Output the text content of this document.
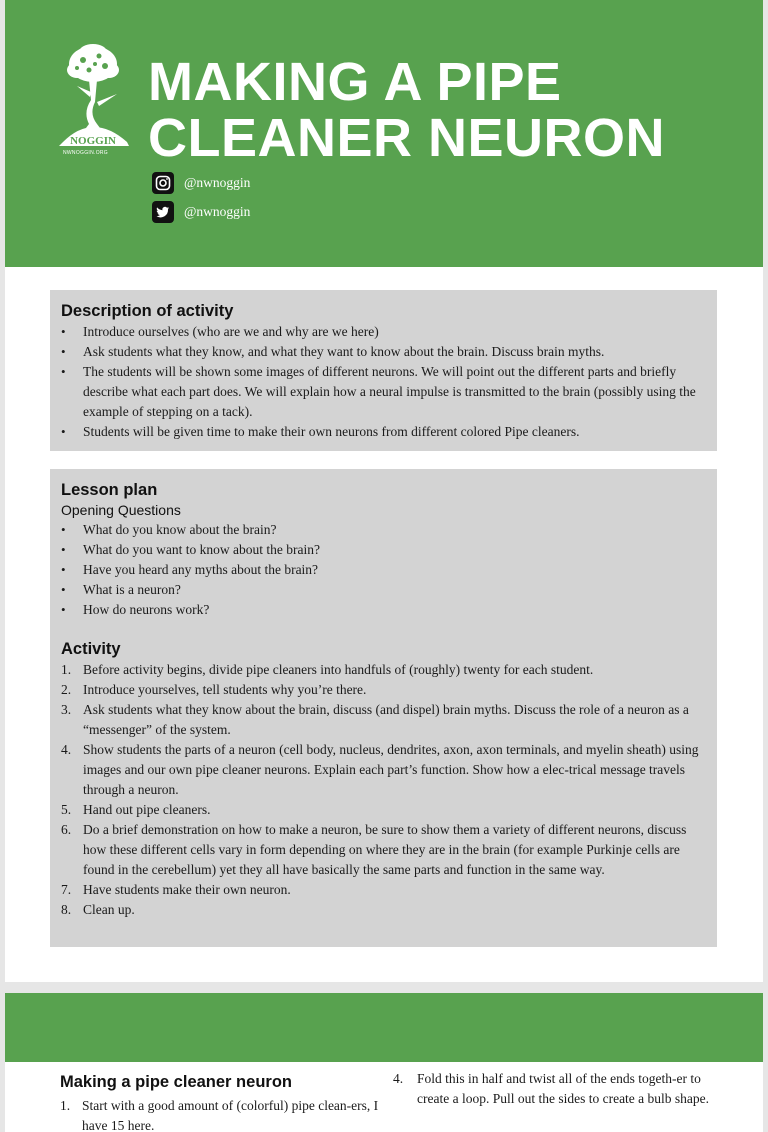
NOGGIN
NWNOGGIN.ORG
MAKING A PIPE
CLEANER NEURON
@nwnoggin
@nwnoggin
Description of activity
• Introduce ourselves (who are we and why are we here)
• Ask students what they know, and what they want to know about the brain. Discuss brain myths.
• The students will be shown some images of different neurons. We will point out the different parts and briefly describe what each part does. We will explain how a neural impulse is transmitted to the brain (possibly using the example of stepping on a tack).
• Students will be given time to make their own neurons from different colored Pipe cleaners.
Lesson plan
Opening Questions
• What do you know about the brain?
• What do you want to know about the brain?
• Have you heard any myths about the brain?
• What is a neuron?
• How do neurons work?
Activity
1. Before activity begins, divide pipe cleaners into handfuls of (roughly) twenty for each student.
2. Introduce yourselves, tell students why you’re there.
3. Ask students what they know about the brain, discuss (and dispel) brain myths. Discuss the role of a neuron as a “messenger” of the system.
4. Show students the parts of a neuron (cell body, nucleus, dendrites, axon, axon terminals, and myelin sheath) using images and our own pipe cleaner neurons. Explain each part’s function. Show how a elec-trical message travels through a neuron.
5. Hand out pipe cleaners.
6. Do a brief demonstration on how to make a neuron, be sure to show them a variety of different neurons, discuss how these different cells vary in form depending on where they are in the brain (for example Purkinje cells are found in the cerebellum) yet they all have basically the same parts and function in the same way.
7. Have students make their own neuron.
8. Clean up.
Making a pipe cleaner neuron
1. Start with a good amount of (colorful) pipe clean-ers, I have 15 here.
4. Fold this in half and twist all of the ends togeth-er to create a loop. Pull out the sides to create a bulb shape.
